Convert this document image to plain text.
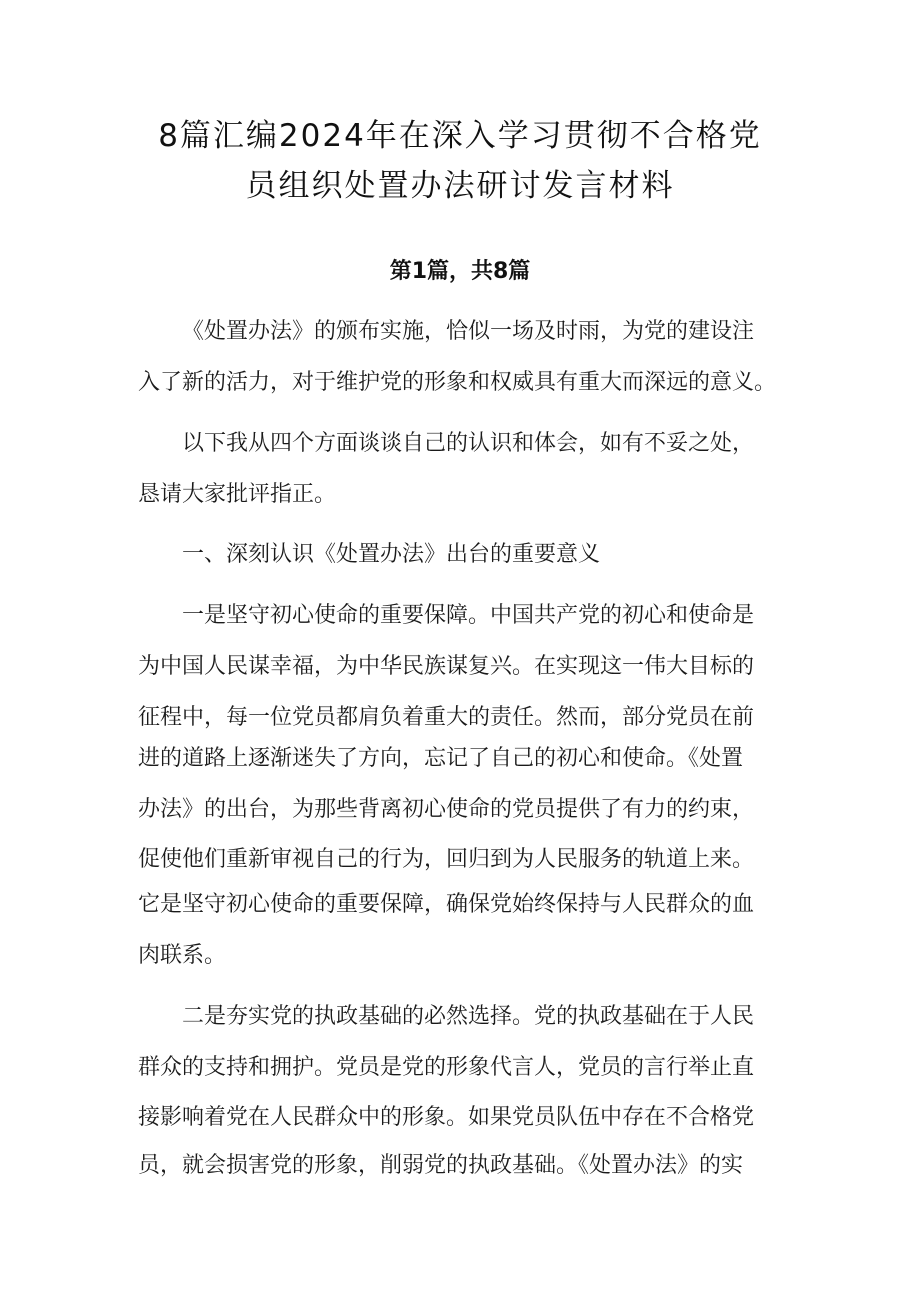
8篇汇编2024年在深入学习贯彻不合格党
员组织处置办法研讨发言材料
第1篇，共8篇
《处置办法》的颁布实施，恰似一场及时雨，为党的建设注
入了新的活力，对于维护党的形象和权威具有重大而深远的意义。
以下我从四个方面谈谈自己的认识和体会，如有不妥之处，
恳请大家批评指正。
一、深刻认识《处置办法》出台的重要意义
一是坚守初心使命的重要保障。中国共产党的初心和使命是
为中国人民谋幸福，为中华民族谋复兴。在实现这一伟大目标的
征程中，每一位党员都肩负着重大的责任。然而，部分党员在前
进的道路上逐渐迷失了方向，忘记了自己的初心和使命。《处置
办法》的出台，为那些背离初心使命的党员提供了有力的约束，
促使他们重新审视自己的行为，回归到为人民服务的轨道上来。
它是坚守初心使命的重要保障，确保党始终保持与人民群众的血
肉联系。
二是夯实党的执政基础的必然选择。党的执政基础在于人民
群众的支持和拥护。党员是党的形象代言人，党员的言行举止直
接影响着党在人民群众中的形象。如果党员队伍中存在不合格党
员，就会损害党的形象，削弱党的执政基础。《处置办法》的实
